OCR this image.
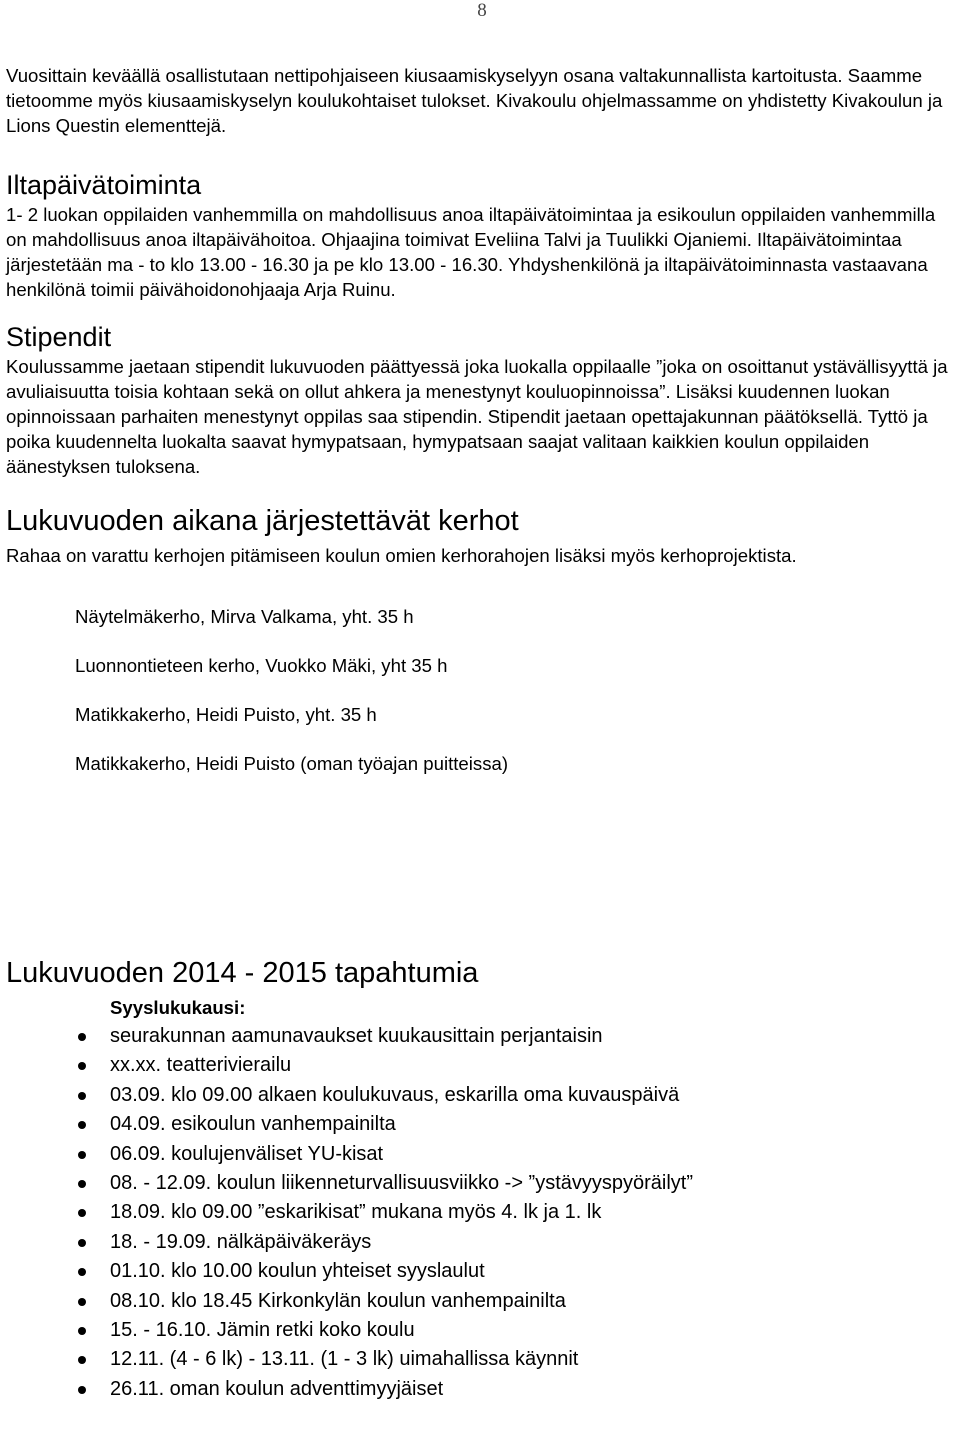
8

Vuosittain keväällä osallistutaan nettipohjaiseen kiusaamiskyselyyn osana valtakunnallista kartoitusta. Saamme tietoomme myös kiusaamiskyselyn koulukohtaiset tulokset. Kivakoulu ohjelmassamme on yhdistetty Kivakoulun ja Lions Questin elementtejä.

Iltapäivätoiminta

1- 2 luokan oppilaiden vanhemmilla on mahdollisuus anoa iltapäivätoimintaa ja esikoulun oppilaiden vanhemmilla on mahdollisuus anoa iltapäivähoitoa. Ohjaajina toimivat Eveliina Talvi ja Tuulikki Ojaniemi. Iltapäivätoimintaa järjestetään ma - to klo 13.00 - 16.30 ja pe klo 13.00 - 16.30. Yhdyshenkilönä ja iltapäivätoiminnasta vastaavana henkilönä toimii päivähoidonohjaaja Arja Ruinu.

Stipendit

Koulussamme jaetaan stipendit lukuvuoden päättyessä joka luokalla oppilaalle ”joka on osoittanut ystävällisyyttä ja avuliaisuutta toisia kohtaan sekä on ollut ahkera ja menestynyt kouluopinnoissa”. Lisäksi kuudennen luokan opinnoissaan parhaiten menestynyt oppilas saa stipendin. Stipendit jaetaan opettajakunnan päätöksellä. Tyttö ja poika kuudennelta luokalta saavat hymypatsaan, hymypatsaan saajat valitaan kaikkien koulun oppilaiden äänestyksen tuloksena.

Lukuvuoden aikana järjestettävät kerhot

Rahaa on varattu kerhojen pitämiseen koulun omien kerhorahojen lisäksi myös kerhoprojektista.

Näytelmäkerho, Mirva Valkama, yht. 35 h
Luonnontieteen kerho, Vuokko Mäki, yht 35 h
Matikkakerho, Heidi Puisto, yht. 35 h
Matikkakerho, Heidi Puisto (oman työajan puitteissa)
Lukuvuoden 2014 - 2015 tapahtumia
Syyslukukausi:
seurakunnan aamunavaukset kuukausittain perjantaisin
xx.xx. teatterivierailu
03.09. klo 09.00 alkaen koulukuvaus, eskarilla oma kuvauspäivä
04.09. esikoulun vanhempainilta
06.09. koulujenväliset YU-kisat
08. - 12.09. koulun liikenneturvallisuusviikko -> ”ystävyyspyöräilyt”
18.09. klo 09.00 ”eskarikisat” mukana myös 4. lk ja 1. lk
18. - 19.09. nälkäpäiväkeräys
01.10. klo 10.00 koulun yhteiset syyslaulut
08.10. klo 18.45 Kirkonkylän koulun vanhempainilta
15. - 16.10. Jämin retki koko koulu
12.11. (4 - 6 lk) - 13.11. (1 - 3 lk) uimahallissa käynnit
26.11. oman koulun adventtimyyjäiset
